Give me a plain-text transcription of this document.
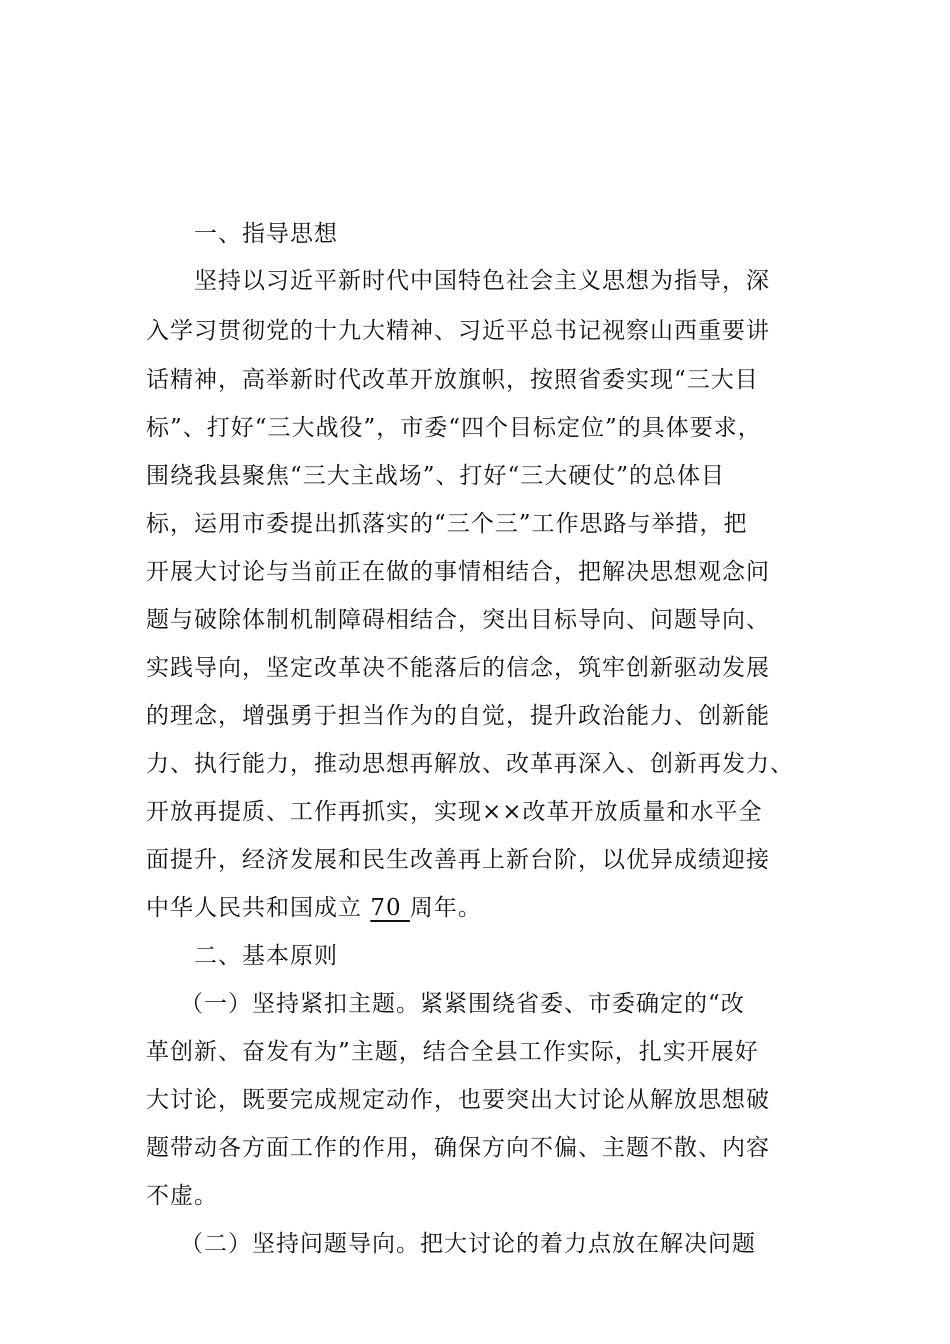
一、指导思想
坚持以习近平新时代中国特色社会主义思想为指导，深
入学习贯彻党的十九大精神、习近平总书记视察山西重要讲
话精神，高举新时代改革开放旗帜，按照省委实现“三大目
标”、打好“三大战役”，市委“四个目标定位”的具体要求，
围绕我县聚焦“三大主战场”、打好“三大硬仗”的总体目
标，运用市委提出抓落实的“三个三”工作思路与举措，把
开展大讨论与当前正在做的事情相结合，把解决思想观念问
题与破除体制机制障碍相结合，突出目标导向、问题导向、
实践导向，坚定改革决不能落后的信念，筑牢创新驱动发展
的理念，增强勇于担当作为的自觉，提升政治能力、创新能
力、执行能力，推动思想再解放、改革再深入、创新再发力、
开放再提质、工作再抓实，实现××改革开放质量和水平全
面提升，经济发展和民生改善再上新台阶，以优异成绩迎接
中华人民共和国成立 70 周年。
二、基本原则
（一）坚持紧扣主题。紧紧围绕省委、市委确定的“改
革创新、奋发有为”主题，结合全县工作实际，扎实开展好
大讨论，既要完成规定动作，也要突出大讨论从解放思想破
题带动各方面工作的作用，确保方向不偏、主题不散、内容
不虚。
（二）坚持问题导向。把大讨论的着力点放在解决问题
